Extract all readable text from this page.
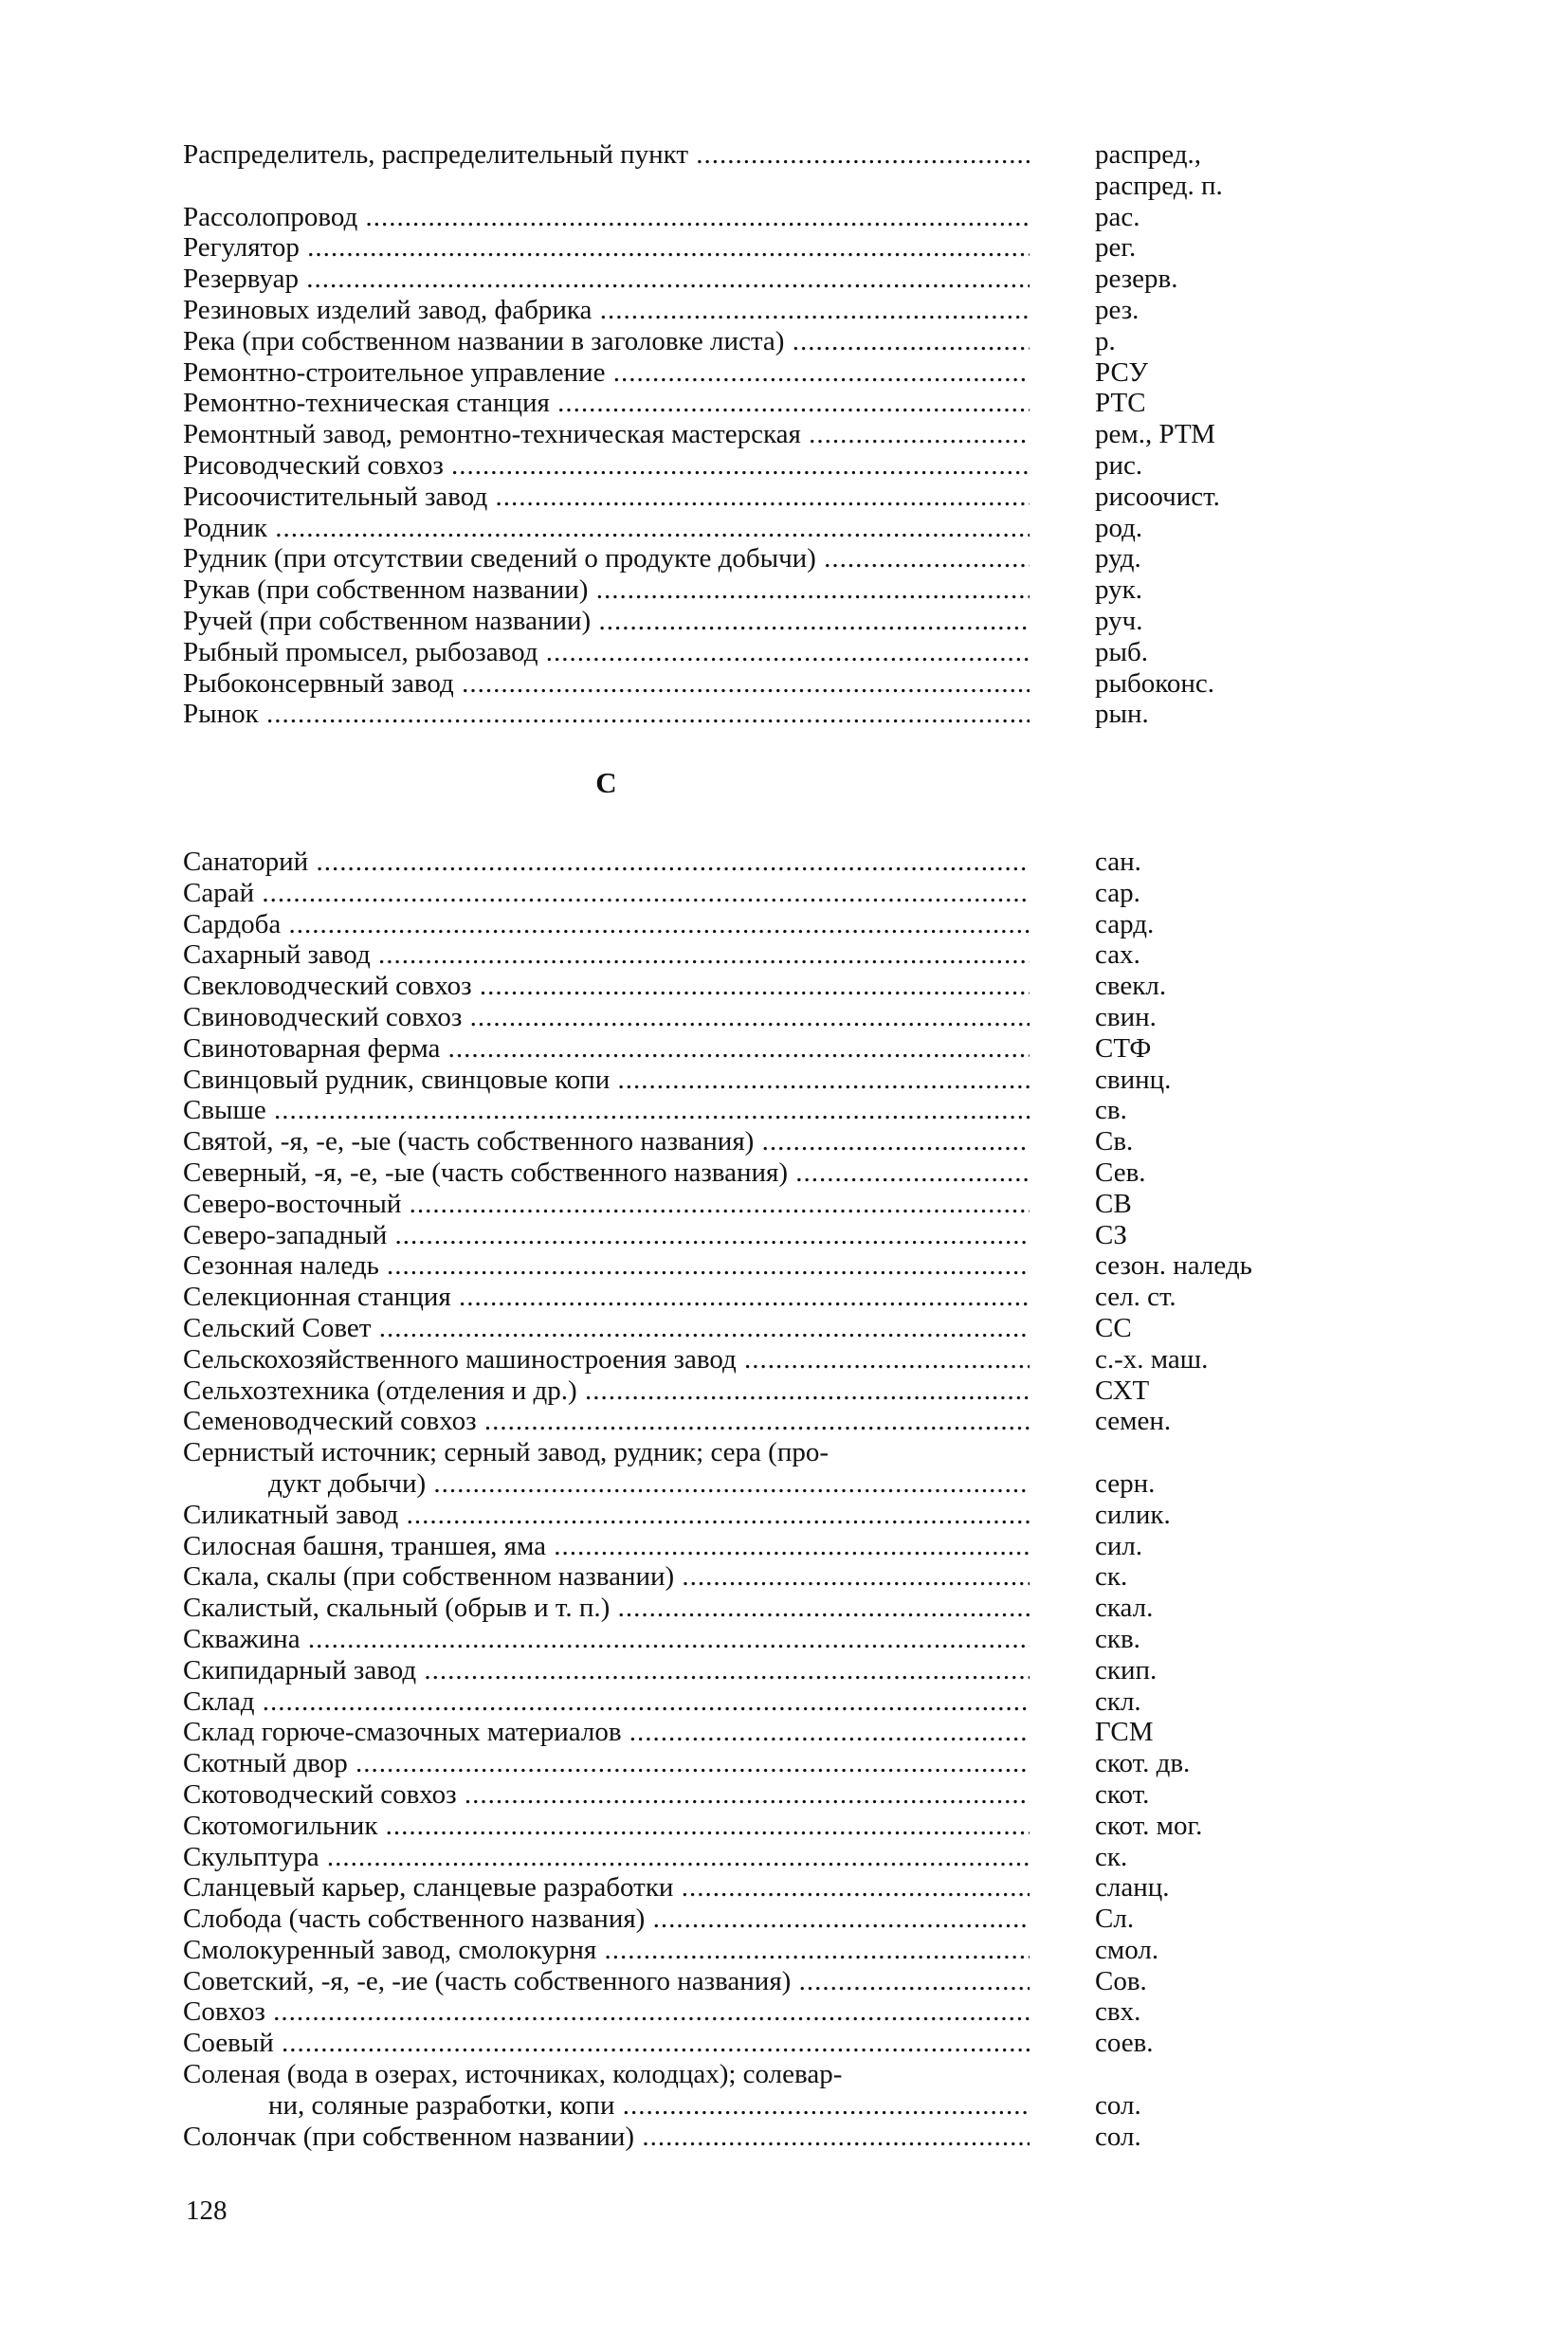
Распределитель, распределительный пункт .....	распред.,
распред. п.
Рассолопровод .....	рас.
Регулятор .....	рег.
Резервуар .....	резерв.
Резиновых изделий завод, фабрика .....	рез.
Река (при собственном названии в заголовке листа) .....	р.
Ремонтно-строительное управление .....	РСУ
Ремонтно-техническая станция .....	РТС
Ремонтный завод, ремонтно-техническая мастерская .....	рем., РТМ
Рисоводческий совхоз .....	рис.
Рисоочистительный завод .....	рисоочист.
Родник .....	род.
Рудник (при отсутствии сведений о продукте добычи) .....	руд.
Рукав (при собственном названии) .....	рук.
Ручей (при собственном названии) .....	руч.
Рыбный промысел, рыбозавод .....	рыб.
Рыбоконсервный завод .....	рыбоконс.
Рынок .....	рын.
С
Санаторий .....	сан.
Сарай .....	сар.
Сардоба .....	сард.
Сахарный завод .....	сах.
Свекловодческий совхоз .....	свекл.
Свиноводческий совхоз .....	свин.
Свинотоварная ферма .....	СТФ
Свинцовый рудник, свинцовые копи .....	свинц.
Свыше .....	св.
Святой, -я, -е, -ые (часть собственного названия) .....	Св.
Северный, -я, -е, -ые (часть собственного названия) .....	Сев.
Северо-восточный .....	СВ
Северо-западный .....	СЗ
Сезонная наледь .....	сезон. наледь
Селекционная станция .....	сел. ст.
Сельский Совет .....	СС
Сельскохозяйственного машиностроения завод .....	с.-х. маш.
Сельхозтехника (отделения и др.) .....	СХТ
Семеноводческий совхоз .....	семен.
Сернистый источник; серный завод, рудник; сера (про-
дукт добычи) .....	серн.
Силикатный завод .....	силик.
Силосная башня, траншея, яма .....	сил.
Скала, скалы (при собственном названии) .....	ск.
Скалистый, скальный (обрыв и т. п.) .....	скал.
Скважина .....	скв.
Скипидарный завод .....	скип.
Склад .....	скл.
Склад горюче-смазочных материалов .....	ГСМ
Скотный двор .....	скот. дв.
Скотоводческий совхоз .....	скот.
Скотомогильник .....	скот. мог.
Скульптура .....	ск.
Сланцевый карьер, сланцевые разработки .....	сланц.
Слобода (часть собственного названия) .....	Сл.
Смолокуренный завод, смолокурня .....	смол.
Советский, -я, -е, -ие (часть собственного названия) .....	Сов.
Совхоз .....	свх.
Соевый .....	соев.
Соленая (вода в озерах, источниках, колодцах); солевар-
ни, соляные разработки, копи .....	сол.
Солончак (при собственном названии) .....	сол.
128
